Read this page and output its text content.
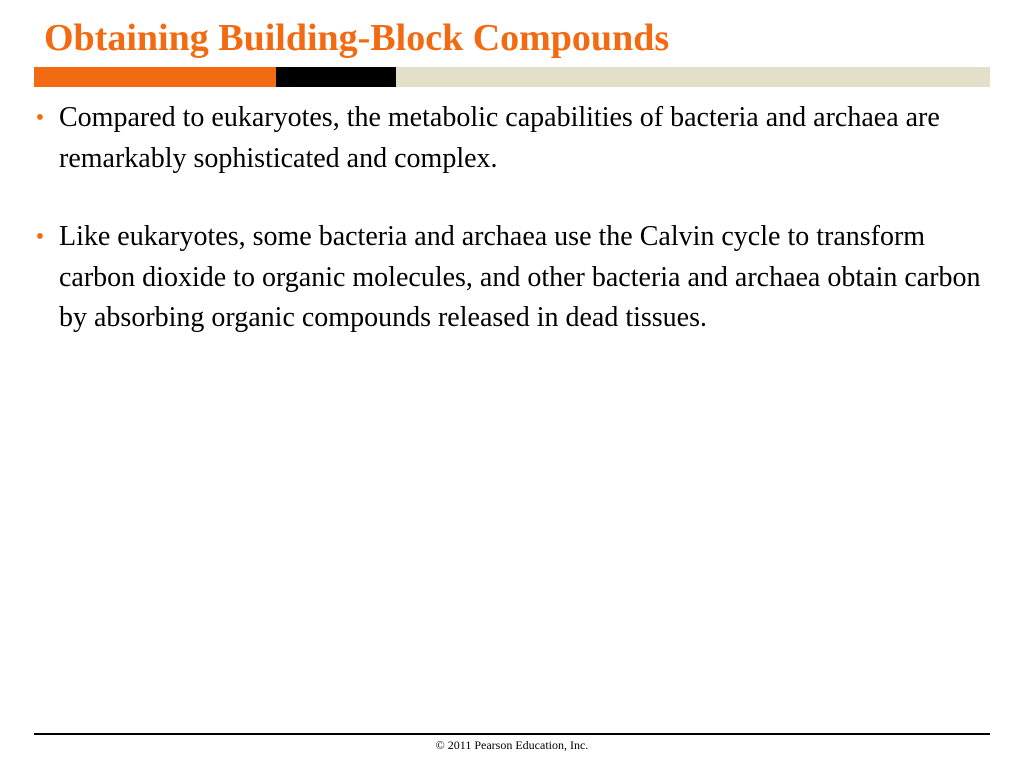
Obtaining Building-Block Compounds
• Compared to eukaryotes, the metabolic capabilities of bacteria and archaea are remarkably sophisticated and complex.
• Like eukaryotes, some bacteria and archaea use the Calvin cycle to transform carbon dioxide to organic molecules, and other bacteria and archaea obtain carbon by absorbing organic compounds released in dead tissues.
© 2011 Pearson Education, Inc.
